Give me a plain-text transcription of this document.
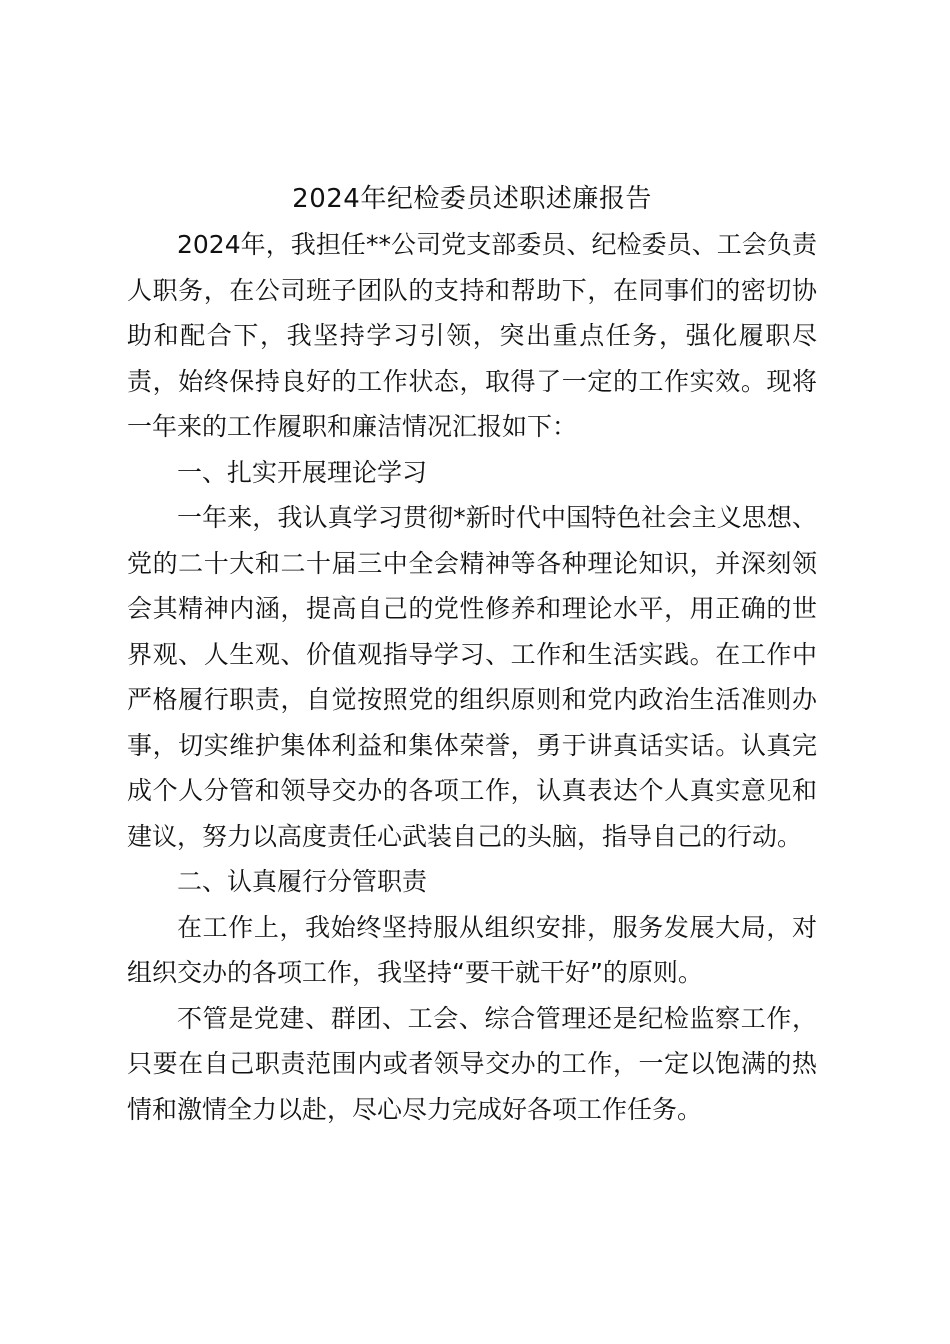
2024年纪检委员述职述廉报告

2024年，我担任**公司党支部委员、纪检委员、工会负责人职务，在公司班子团队的支持和帮助下，在同事们的密切协助和配合下，我坚持学习引领，突出重点任务，强化履职尽责，始终保持良好的工作状态，取得了一定的工作实效。现将一年来的工作履职和廉洁情况汇报如下：

一、扎实开展理论学习

一年来，我认真学习贯彻*新时代中国特色社会主义思想、党的二十大和二十届三中全会精神等各种理论知识，并深刻领会其精神内涵，提高自己的党性修养和理论水平，用正确的世界观、人生观、价值观指导学习、工作和生活实践。在工作中严格履行职责，自觉按照党的组织原则和党内政治生活准则办事，切实维护集体利益和集体荣誉，勇于讲真话实话。认真完成个人分管和领导交办的各项工作，认真表达个人真实意见和建议，努力以高度责任心武装自己的头脑，指导自己的行动。

二、认真履行分管职责

在工作上，我始终坚持服从组织安排，服务发展大局，对组织交办的各项工作，我坚持“要干就干好”的原则。

不管是党建、群团、工会、综合管理还是纪检监察工作，只要在自己职责范围内或者领导交办的工作，一定以饱满的热情和激情全力以赴，尽心尽力完成好各项工作任务。
